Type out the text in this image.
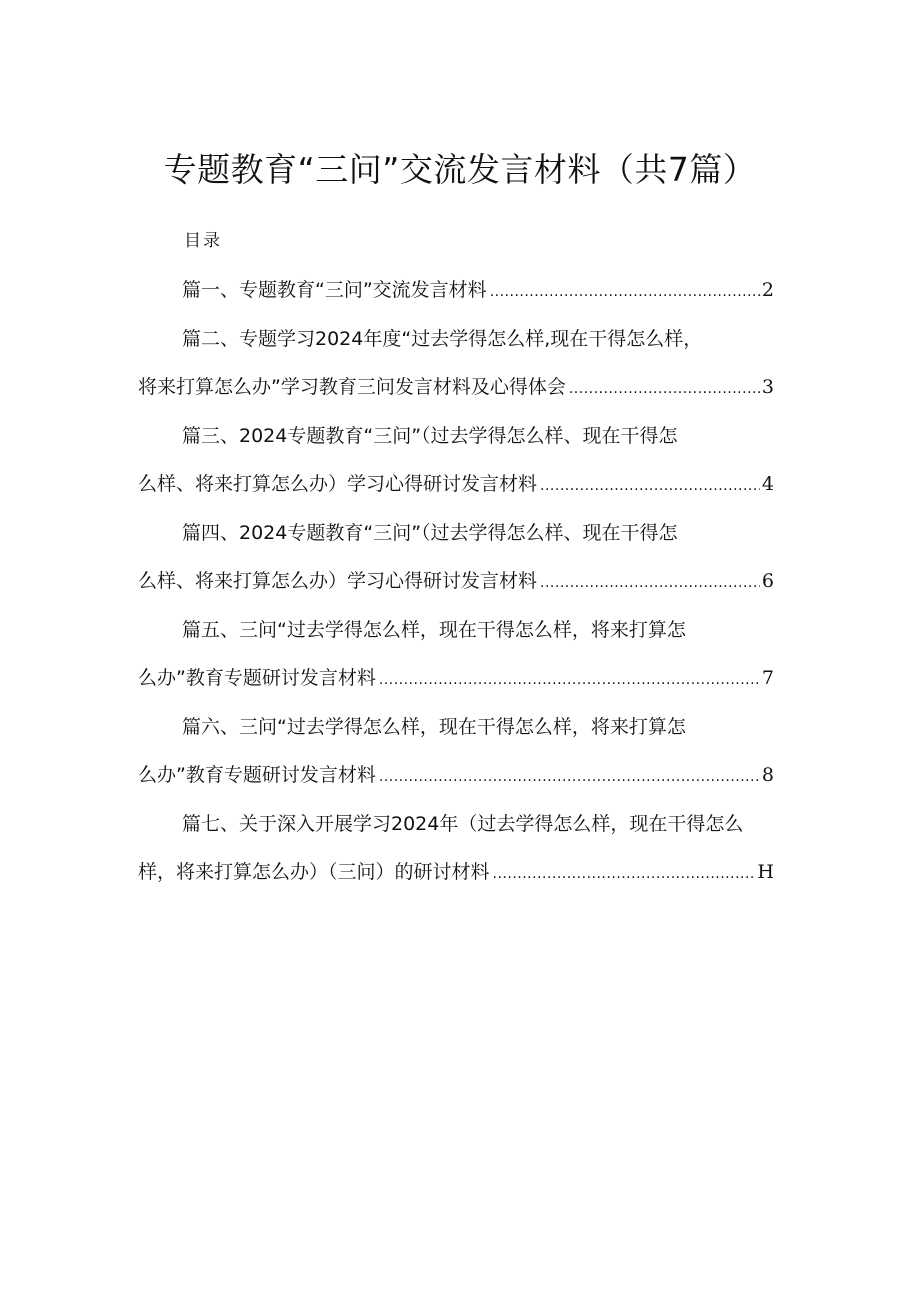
专题教育“三问”交流发言材料（共7篇）
目录
篇一、专题教育“三问”交流发言材料 .....	2
篇二、专题学习2024年度“过去学得怎么样,现在干得怎么样，
将来打算怎么办”学习教育三问发言材料及心得体会 .....	3
篇三、2024专题教育“三问”（过去学得怎么样、现在干得怎
么样、将来打算怎么办）学习心得研讨发言材料 .....	4
篇四、2024专题教育“三问”（过去学得怎么样、现在干得怎
么样、将来打算怎么办）学习心得研讨发言材料 .....	6
篇五、三问“过去学得怎么样，现在干得怎么样，将来打算怎
么办”教育专题研讨发言材料 .....	7
篇六、三问“过去学得怎么样，现在干得怎么样，将来打算怎
么办”教育专题研讨发言材料 .....	8
篇七、关于深入开展学习2024年（过去学得怎么样，现在干得怎么
样，将来打算怎么办）（三问）的研讨材料 .....	H
